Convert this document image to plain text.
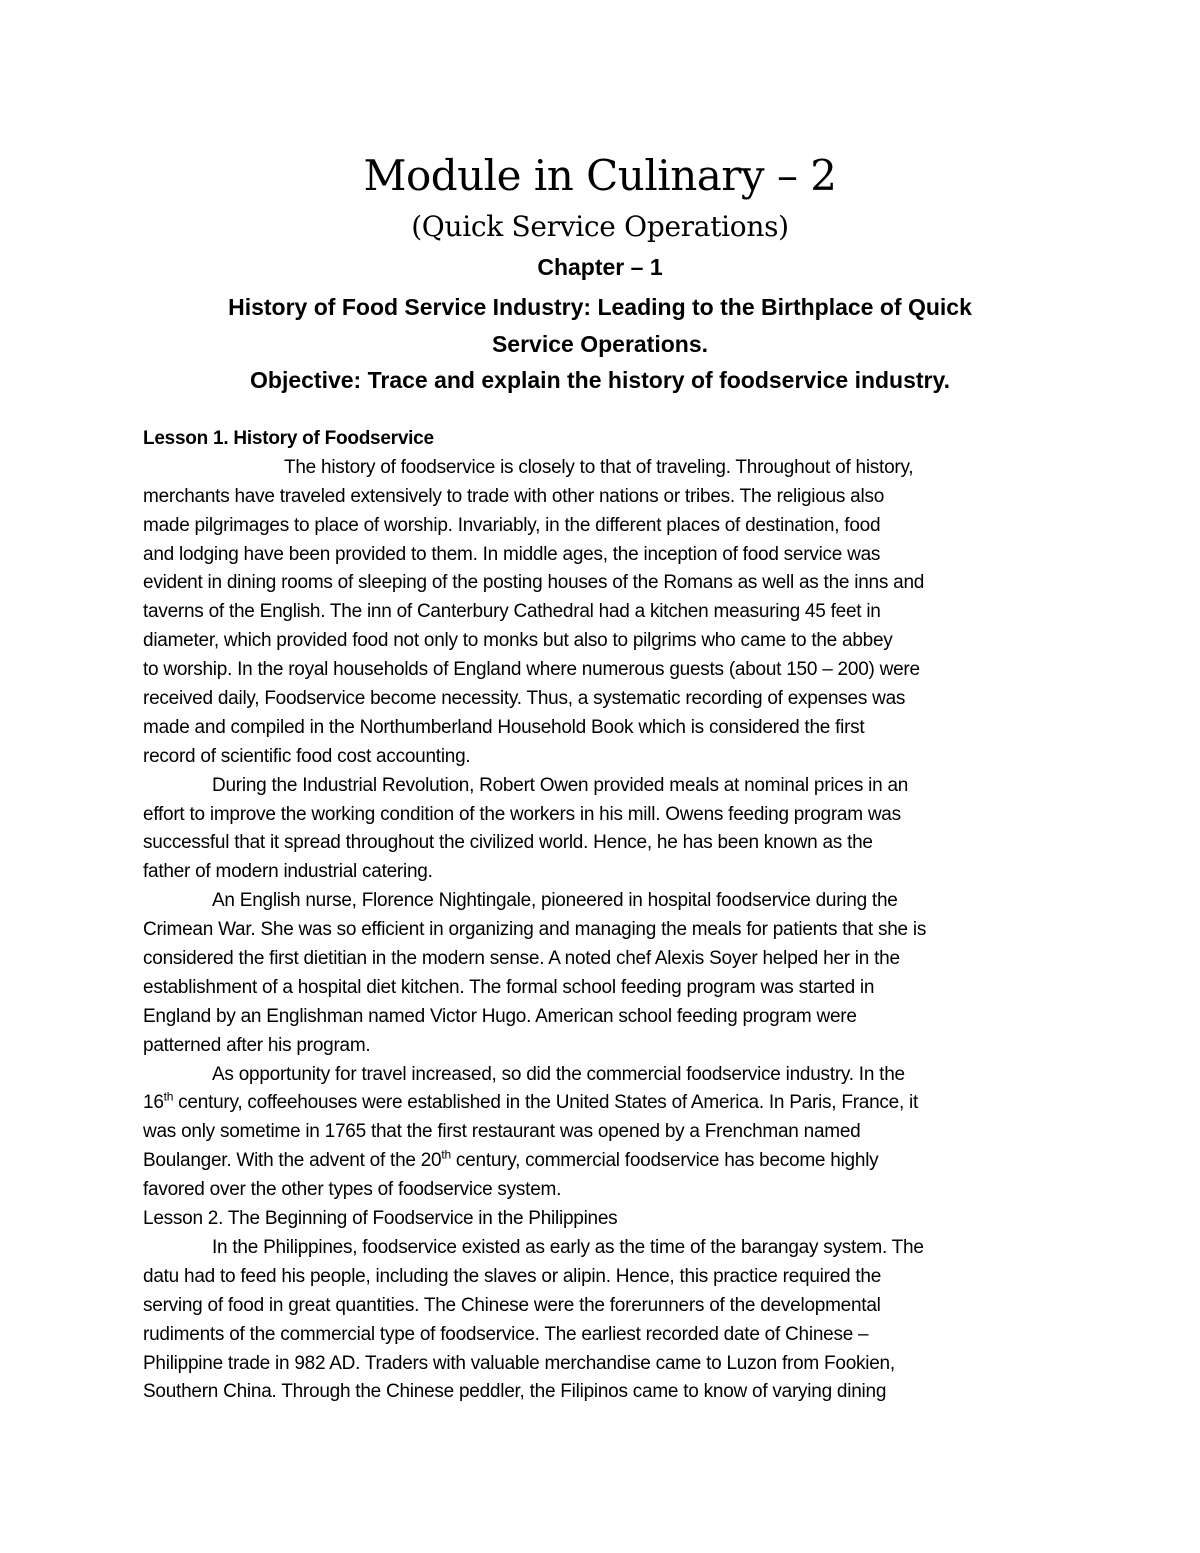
Module in Culinary – 2
(Quick Service Operations)
Chapter – 1
History of Food Service Industry: Leading to the Birthplace of Quick
Service Operations.
Objective: Trace and explain the history of foodservice industry.
Lesson 1. History of Foodservice
The history of foodservice is closely to that of traveling. Throughout of history,
merchants have traveled extensively to trade with other nations or tribes. The religious also
made pilgrimages to place of worship. Invariably, in the different places of destination, food
and lodging have been provided to them. In middle ages, the inception of food service was
evident in dining rooms of sleeping of the posting houses of the Romans as well as the inns and
taverns of the English. The inn of Canterbury Cathedral had a kitchen measuring 45 feet in
diameter, which provided food not only to monks but also to pilgrims who came to the abbey
to worship. In the royal households of England where numerous guests (about 150 – 200) were
received daily, Foodservice become necessity. Thus, a systematic recording of expenses was
made and compiled in the Northumberland Household Book which is considered the first
record of scientific food cost accounting.
During the Industrial Revolution, Robert Owen provided meals at nominal prices in an
effort to improve the working condition of the workers in his mill. Owens feeding program was
successful that it spread throughout the civilized world. Hence, he has been known as the
father of modern industrial catering.
An English nurse, Florence Nightingale, pioneered in hospital foodservice during the
Crimean War. She was so efficient in organizing and managing the meals for patients that she is
considered the first dietitian in the modern sense. A noted chef Alexis Soyer helped her in the
establishment of a hospital diet kitchen. The formal school feeding program was started in
England by an Englishman named Victor Hugo. American school feeding program were
patterned after his program.
As opportunity for travel increased, so did the commercial foodservice industry. In the
16th century, coffeehouses were established in the United States of America. In Paris, France, it
was only sometime in 1765 that the first restaurant was opened by a Frenchman named
Boulanger. With the advent of the 20th century, commercial foodservice has become highly
favored over the other types of foodservice system.
Lesson 2. The Beginning of Foodservice in the Philippines
In the Philippines, foodservice existed as early as the time of the barangay system. The
datu had to feed his people, including the slaves or alipin. Hence, this practice required the
serving of food in great quantities. The Chinese were the forerunners of the developmental
rudiments of the commercial type of foodservice. The earliest recorded date of Chinese –
Philippine trade in 982 AD. Traders with valuable merchandise came to Luzon from Fookien,
Southern China. Through the Chinese peddler, the Filipinos came to know of varying dining
